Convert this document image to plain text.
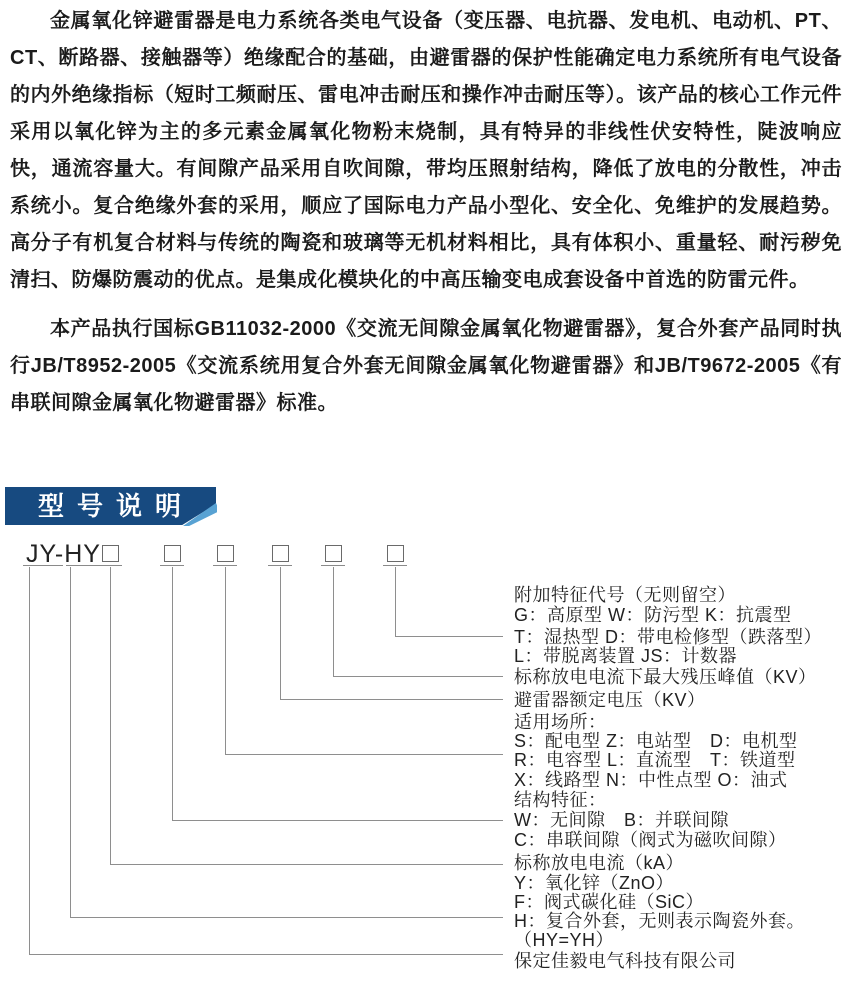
金属氧化锌避雷器是电力系统各类电气设备（变压器、电抗器、发电机、电动机、PT、CT、断路器、接触器等）绝缘配合的基础，由避雷器的保护性能确定电力系统所有电气设备的内外绝缘指标（短时工频耐压、雷电冲击耐压和操作冲击耐压等）。该产品的核心工作元件采用以氧化锌为主的多元素金属氧化物粉末烧制，具有特异的非线性伏安特性，陡波响应快，通流容量大。有间隙产品采用自吹间隙，带均压照射结构，降低了放电的分散性，冲击系统小。复合绝缘外套的采用，顺应了国际电力产品小型化、安全化、免维护的发展趋势。高分子有机复合材料与传统的陶瓷和玻璃等无机材料相比，具有体积小、重量轻、耐污秽免清扫、防爆防震动的优点。是集成化模块化的中高压输变电成套设备中首选的防雷元件。
本产品执行国标GB11032-2000《交流无间隙金属氧化物避雷器》，复合外套产品同时执行JB/T8952-2005《交流系统用复合外套无间隙金属氧化物避雷器》和JB/T9672-2005《有串联间隙金属氧化物避雷器》标准。
型号说明
JY-HY
附加特征代号（无则留空）
G：高原型 W：防污型 K：抗震型
T：湿热型 D：带电检修型（跌落型）
L：带脱离装置 JS：计数器
标称放电电流下最大残压峰值（KV）
避雷器额定电压（KV）
适用场所：
S：配电型 Z：电站型　D：电机型
R：电容型 L：直流型　T：铁道型
X：线路型 N：中性点型 O：油式
结构特征：
W：无间隙　B：并联间隙
C：串联间隙（阀式为磁吹间隙）
标称放电电流（kA）
Y：氧化锌（ZnO）
F：阀式碳化硅（SiC）
H：复合外套，无则表示陶瓷外套。
（HY=YH）
保定佳毅电气科技有限公司
